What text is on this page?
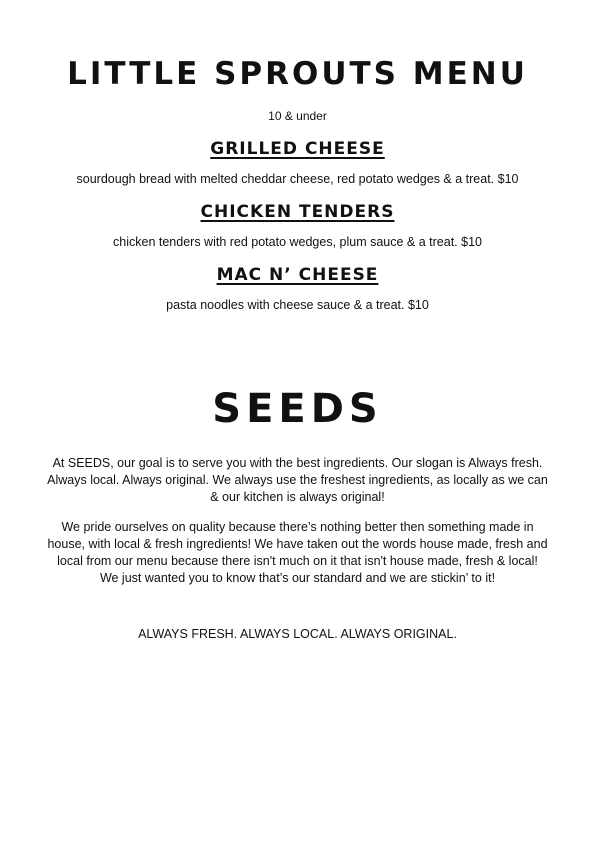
LITTLE SPROUTS MENU
10 & under
GRILLED CHEESE
sourdough bread with melted cheddar cheese, red potato wedges & a treat. $10
CHICKEN TENDERS
chicken tenders with red potato wedges, plum sauce & a treat. $10
MAC N’ CHEESE
pasta noodles with cheese sauce & a treat. $10
SEEDS
At SEEDS, our goal is to serve you with the best ingredients. Our slogan is Always fresh.
Always local. Always original. We always use the freshest ingredients, as locally as we can
& our kitchen is always original!
We pride ourselves on quality because there’s nothing better then something made in
house, with local & fresh ingredients! We have taken out the words house made, fresh and
local from our menu because there isn't much on it that isn't house made, fresh & local!
We just wanted you to know that’s our standard and we are stickin’ to it!
ALWAYS FRESH. ALWAYS LOCAL. ALWAYS ORIGINAL.
